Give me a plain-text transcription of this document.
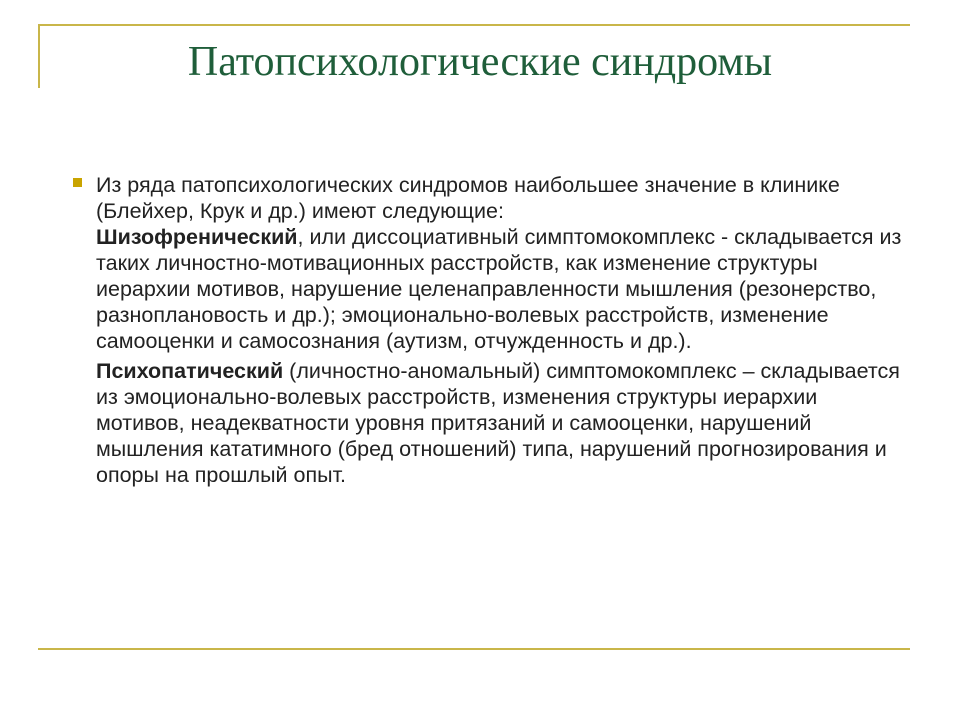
Патопсихологические синдромы

Из ряда патопсихологических синдромов наибольшее значение в клинике (Блейхер, Крук и др.) имеют следующие:
Шизофренический, или диссоциативный симптомокомплекс - складывается из таких личностно-мотивационных расстройств, как изменение структуры иерархии мотивов, нарушение целенаправленности мышления (резонерство, разноплановость и др.); эмоционально-волевых расстройств, изменение самооценки и самосознания (аутизм, отчужденность и др.).

Психопатический (личностно-аномальный) симптомокомплекс – складывается из эмоционально-волевых расстройств, изменения структуры иерархии мотивов, неадекватности уровня притязаний и самооценки, нарушений мышления кататимного (бред отношений) типа, нарушений прогнозирования и опоры на прошлый опыт.
